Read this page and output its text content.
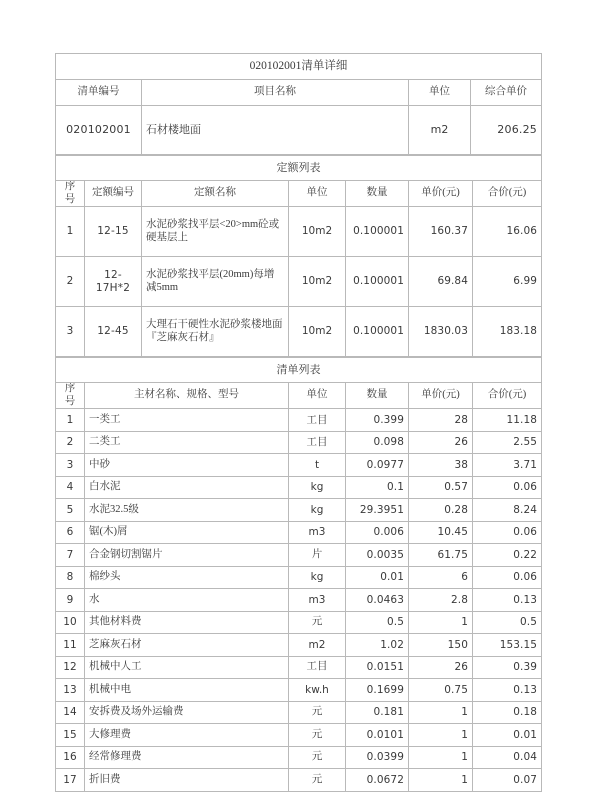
020102001清单详细			
清单编号	项目名称	单位	综合单价
020102001	石材楼地面	m2	206.25
定额列表						
序号	定额编号	定额名称	单位	数量	单价(元)	合价(元)
1	12-15	水泥砂浆找平层<20>mm砼或硬基层上	10m2	0.100001	160.37	16.06
2	12-17H*2	水泥砂浆找平层(20mm)每增减5mm	10m2	0.100001	69.84	6.99
3	12-45	大理石干硬性水泥砂浆楼地面『芝麻灰石材』	10m2	0.100001	1830.03	183.18
清单列表					
序号	主材名称、规格、型号	单位	数量	单价(元)	合价(元)
1	一类工	工目	0.399	28	11.18
2	二类工	工目	0.098	26	2.55
3	中砂	t	0.0977	38	3.71
4	白水泥	kg	0.1	0.57	0.06
5	水泥32.5级	kg	29.3951	0.28	8.24
6	锯(木)屑	m3	0.006	10.45	0.06
7	合金钢切割锯片	片	0.0035	61.75	0.22
8	棉纱头	kg	0.01	6	0.06
9	水	m3	0.0463	2.8	0.13
10	其他材料费	元	0.5	1	0.5
11	芝麻灰石材	m2	1.02	150	153.15
12	机械中人工	工目	0.0151	26	0.39
13	机械中电	kw.h	0.1699	0.75	0.13
14	安拆费及场外运输费	元	0.181	1	0.18
15	大修理费	元	0.0101	1	0.01
16	经常修理费	元	0.0399	1	0.04
17	折旧费	元	0.0672	1	0.07
